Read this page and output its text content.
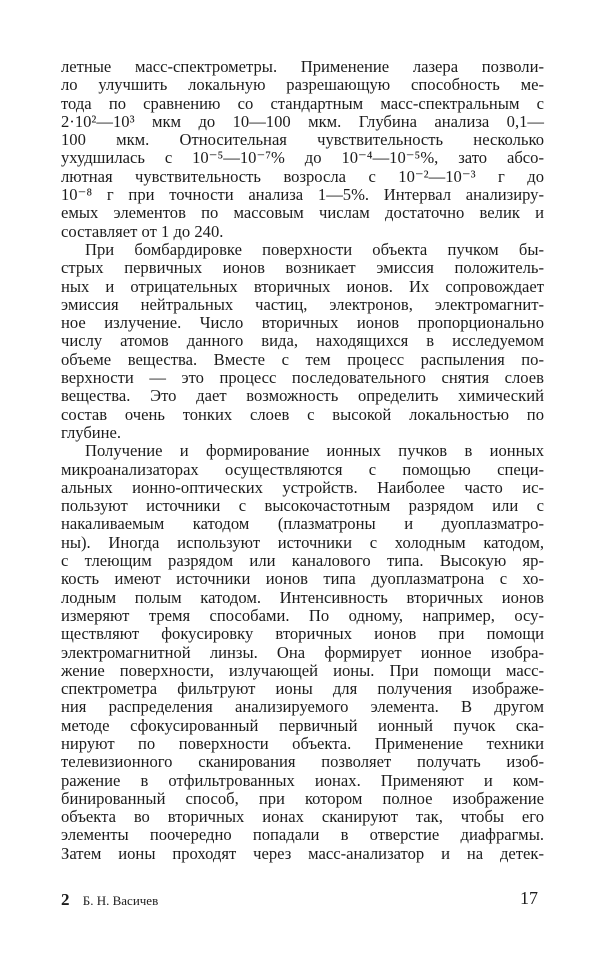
летные масс-спектрометры. Применение лазера позволи-
ло улучшить локальную разрешающую способность ме-
тода по сравнению со стандартным масс-спектральным с
2·10²—10³ мкм до 10—100 мкм. Глубина анализа 0,1—
100 мкм. Относительная чувствительность несколько
ухудшилась с 10⁻⁵—10⁻⁷% до 10⁻⁴—10⁻⁵%, зато абсо-
лютная чувствительность возросла с 10⁻²—10⁻³ г до
10⁻⁸ г при точности анализа 1—5%. Интервал анализиру-
емых элементов по массовым числам достаточно велик и
составляет от 1 до 240.
При бомбардировке поверхности объекта пучком бы-
стрых первичных ионов возникает эмиссия положитель-
ных и отрицательных вторичных ионов. Их сопровождает
эмиссия нейтральных частиц, электронов, электромагнит-
ное излучение. Число вторичных ионов пропорционально
числу атомов данного вида, находящихся в исследуемом
объеме вещества. Вместе с тем процесс распыления по-
верхности — это процесс последовательного снятия слоев
вещества. Это дает возможность определить химический
состав очень тонких слоев с высокой локальностью по
глубине.
Получение и формирование ионных пучков в ионных
микроанализаторах осуществляются с помощью специ-
альных ионно-оптических устройств. Наиболее часто ис-
пользуют источники с высокочастотным разрядом или с
накаливаемым катодом (плазматроны и дуоплазматро-
ны). Иногда используют источники с холодным катодом,
с тлеющим разрядом или каналового типа. Высокую яр-
кость имеют источники ионов типа дуоплазматрона с хо-
лодным полым катодом. Интенсивность вторичных ионов
измеряют тремя способами. По одному, например, осу-
ществляют фокусировку вторичных ионов при помощи
электромагнитной линзы. Она формирует ионное изобра-
жение поверхности, излучающей ионы. При помощи масс-
спектрометра фильтруют ионы для получения изображе-
ния распределения анализируемого элемента. В другом
методе сфокусированный первичный ионный пучок ска-
нируют по поверхности объекта. Применение техники
телевизионного сканирования позволяет получать изоб-
ражение в отфильтрованных ионах. Применяют и ком-
бинированный способ, при котором полное изображение
объекта во вторичных ионах сканируют так, чтобы его
элементы поочередно попадали в отверстие диафрагмы.
Затем ионы проходят через масс-анализатор и на детек-
2 Б. Н. Васичев	17
